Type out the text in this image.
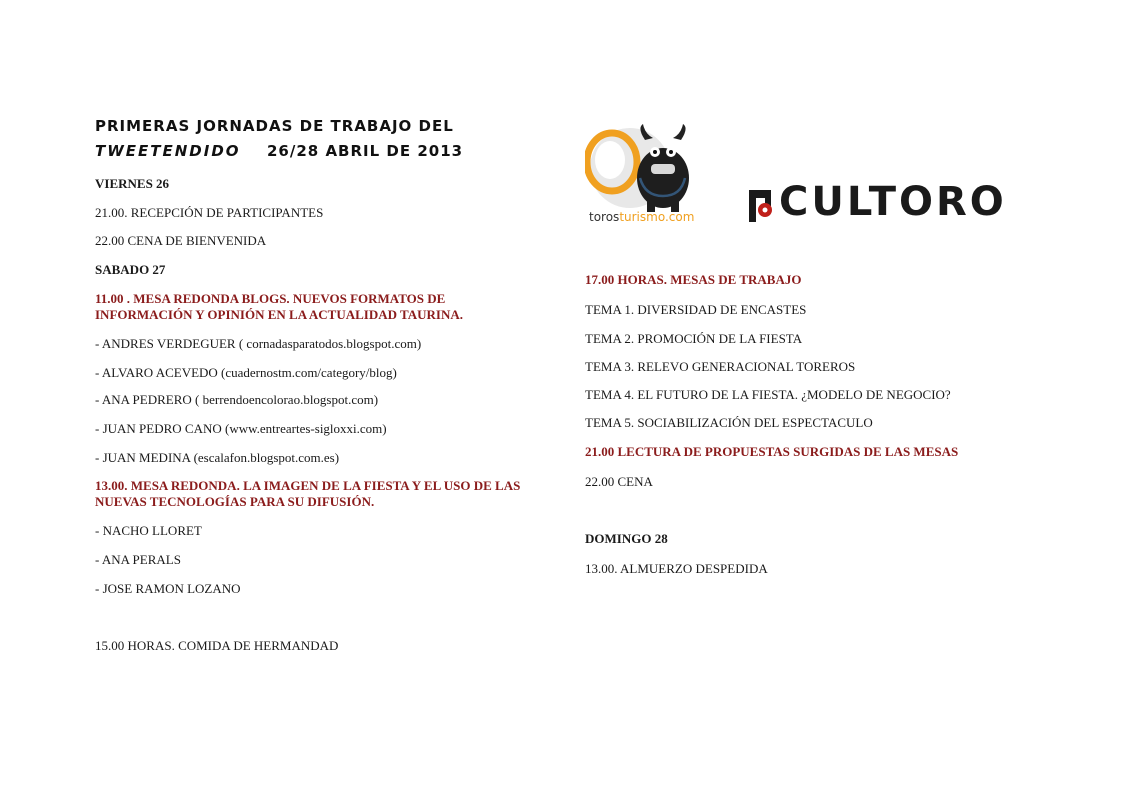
PRIMERAS JORNADAS DE TRABAJO DEL
TWEETENDIDO	26/28 ABRIL DE 2013
VIERNES 26
21.00. RECEPCIÓN DE PARTICIPANTES
22.00 CENA DE BIENVENIDA
SABADO 27
11.00 . MESA REDONDA BLOGS. NUEVOS FORMATOS DE INFORMACIÓN Y OPINIÓN EN LA ACTUALIDAD TAURINA.
- ANDRES VERDEGUER ( cornadasparatodos.blogspot.com)
- ALVARO ACEVEDO (cuadernostm.com/category/blog)
- ANA PEDRERO ( berrendoencolorao.blogspot.com)
- JUAN PEDRO CANO (www.entreartes-sigloxxi.com)
- JUAN MEDINA (escalafon.blogspot.com.es)
13.00. MESA REDONDA. LA IMAGEN DE LA FIESTA Y EL USO DE LAS NUEVAS TECNOLOGÍAS PARA SU DIFUSIÓN.
- NACHO LLORET
- ANA PERALS
- JOSE RAMON LOZANO
15.00 HORAS. COMIDA DE HERMANDAD
torosturismo.com CULTORO
17.00 HORAS. MESAS DE TRABAJO
TEMA 1. DIVERSIDAD DE ENCASTES
TEMA 2. PROMOCIÓN DE LA FIESTA
TEMA 3. RELEVO GENERACIONAL TOREROS
TEMA 4. EL FUTURO DE LA FIESTA. ¿MODELO DE NEGOCIO?
TEMA 5. SOCIABILIZACIÓN DEL ESPECTACULO
21.00 LECTURA DE PROPUESTAS SURGIDAS DE LAS MESAS
22.00 CENA
DOMINGO 28
13.00. ALMUERZO DESPEDIDA
